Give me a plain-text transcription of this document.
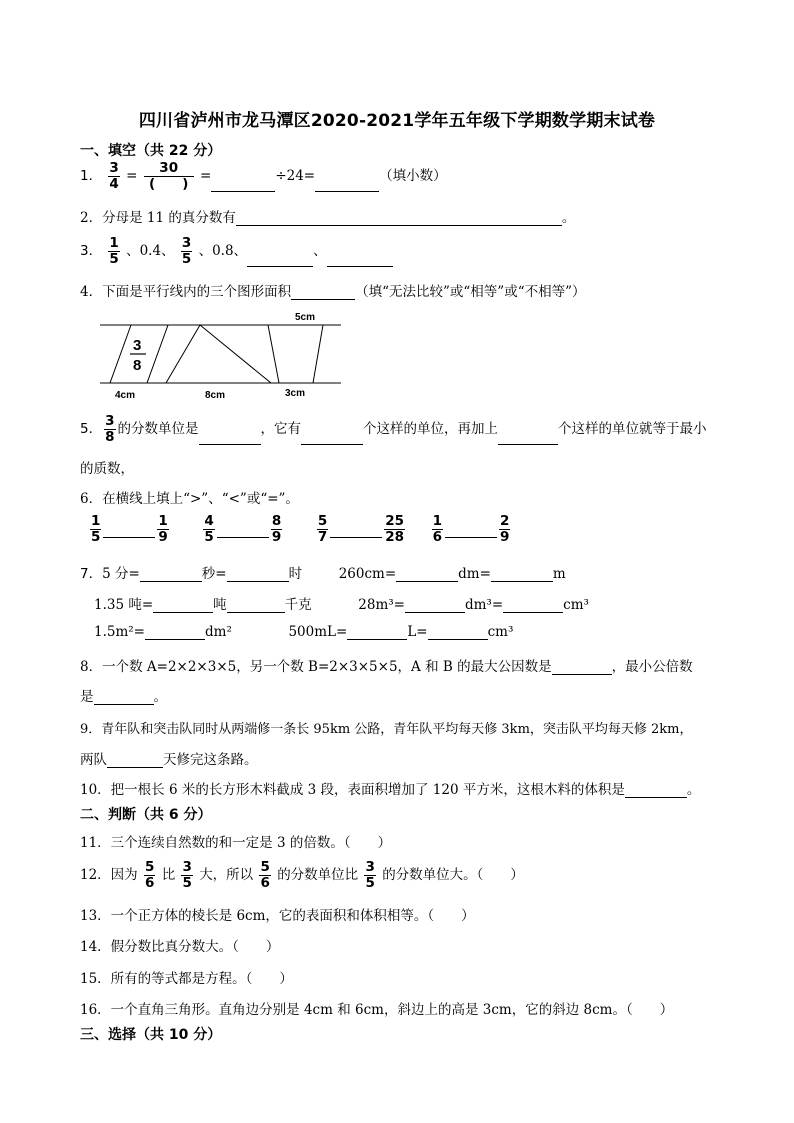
四川省泸州市龙马潭区2020-2021学年五年级下学期数学期末试卷
一、填空（共 22 分）
1． $\frac{3}{4}$ =	30
(　　) =	÷24=	（填小数）
2．分母是 11 的真分数有	。
3． $\frac{1}{5}$ 、0.4、 $\frac{3}{5}$ 、0.8、	、
4．下面是平行线内的三个图形面积	（填“无法比较”或“相等”或“不相等”）
5cm
3
8
4cm	8cm	3cm
5． $\frac{3}{8}$ 的分数单位是	，它有	个这样的单位，再加上	个这样的单位就等于最小
的质数，
6．在横线上填上“>”、“<”或“=”。
$\frac{1}{5}$	$\frac{1}{9}$
	$\frac{4}{5}$	$\frac{8}{9}$
	$\frac{5}{7}$	$\frac{25}{28}$
$\frac{1}{6}$	$\frac{2}{9}$
7．5 分=	秒=	时	260cm=	dm=	m
1.35 吨=	吨	千克	28m³=	dm³=	cm³
1.5m²=	dm²	500mL=	L=	cm³
8．一个数 A=2×2×3×5，另一个数 B=2×3×5×5，A 和 B 的最大公因数是	，最小公倍数
是	。
9．青年队和突击队同时从两端修一条长 95km 公路，青年队平均每天修 3km，突击队平均每天修 2km，
两队	天修完这条路。
10．把一根长 6 米的长方形木料截成 3 段，表面积增加了 120 平方米，这根木料的体积是	。
二、判断（共 6 分）
11．三个连续自然数的和一定是 3 的倍数。（　　）
12．因为 $\frac{5}{6}$ 比 $\frac{3}{5}$ 大，所以 $\frac{5}{6}$ 的分数单位比 $\frac{3}{5}$ 的分数单位大。（　　）
13．一个正方体的棱长是 6cm，它的表面积和体积相等。（　　）
14．假分数比真分数大。（　　）
15．所有的等式都是方程。（　　）
16．一个直角三角形。直角边分别是 4cm 和 6cm，斜边上的高是 3cm，它的斜边 8cm。（　　）
三、选择（共 10 分）
